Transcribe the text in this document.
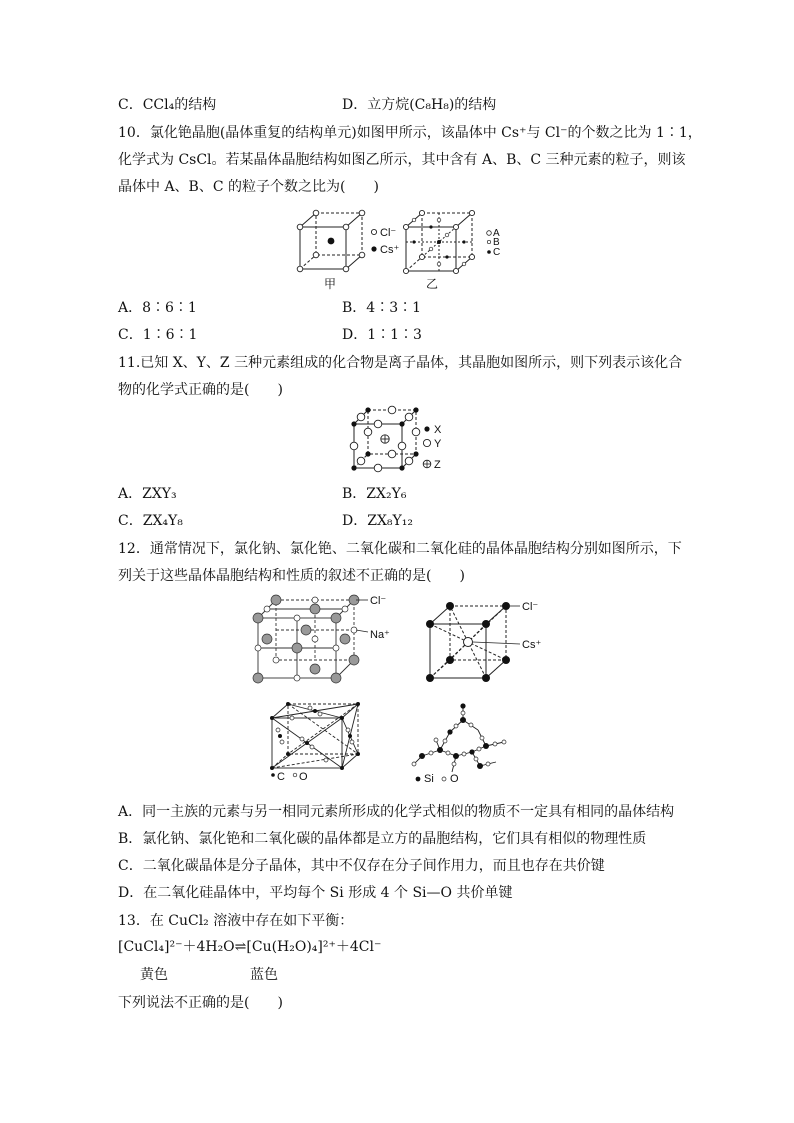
C．CCl₄的结构	D．立方烷(C₈H₈)的结构
10．氯化铯晶胞(晶体重复的结构单元)如图甲所示，该晶体中 Cs⁺与 Cl⁻的个数之比为 1∶1，
化学式为 CsCl。若某晶体晶胞结构如图乙所示，其中含有 A、B、C 三种元素的粒子，则该
晶体中 A、B、C 的粒子个数之比为(　　)
Cl⁻
Cs⁺
甲
A
B
C
乙
A．8∶6∶1	B．4∶3∶1
C．1∶6∶1	D．1∶1∶3
11.已知 X、Y、Z 三种元素组成的化合物是离子晶体，其晶胞如图所示，则下列表示该化合
物的化学式正确的是(　　)
X
Y
Z
A．ZXY₃	B．ZX₂Y₆
C．ZX₄Y₈	D．ZX₈Y₁₂
12．通常情况下，氯化钠、氯化铯、二氧化碳和二氧化硅的晶体晶胞结构分别如图所示，下
列关于这些晶体晶胞结构和性质的叙述不正确的是(　　)
Cl⁻
Na⁺
Cl⁻
Cs⁺
C O	Si O
A．同一主族的元素与另一相同元素所形成的化学式相似的物质不一定具有相同的晶体结构
B．氯化钠、氯化铯和二氧化碳的晶体都是立方的晶胞结构，它们具有相似的物理性质
C．二氧化碳晶体是分子晶体，其中不仅存在分子间作用力，而且也存在共价键
D．在二氧化硅晶体中，平均每个 Si 形成 4 个 Si—O 共价单键
13．在 CuCl₂ 溶液中存在如下平衡：
[CuCl₄]²⁻＋4H₂O⇌[Cu(H₂O)₄]²⁺＋4Cl⁻
黄色	蓝色
下列说法不正确的是(　　)
